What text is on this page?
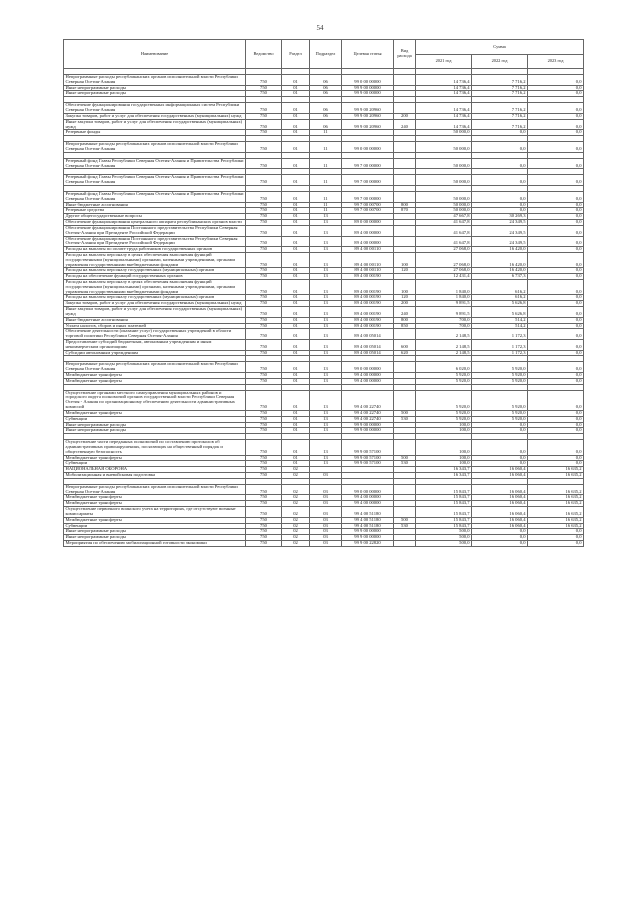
54
Наименование	Ведомство	Раздел	Подраздел	Целевая статья	Вид расхода	Сумма		
						2021 год	2022 год	2023 год

Непрограммные расходы республиканских органов исполнительной власти Республики Северная Осетия-Алания	750	01	06	99 0 00 00000		14 736,4	7 716,2	0,0
Иные непрограммные расходы	750	01	06	99 9 00 00000		14 736,4	7 716,2	0,0
Иные непрограммные расходы	750	01	06	99 9 00 00000		14 736,4	7 716,2	0,0

Обеспечение функционирования государственных информационных систем Республики Северная Осетия-Алания	750	01	06	99 9 00 20960		14 736,4	7 716,2	0,0
Закупка товаров, работ и услуг для обеспечения государственных (муниципальных) нужд	750	01	06	99 9 00 20960	200	14 736,4	7 716,2	0,0
Иные закупки товаров, работ и услуг для обеспечения государственных (муниципальных) нужд	750	01	06	99 9 00 20960	240	14 736,4	7 716,2	0,0
Резервные фонды	750	01	11			50 000,0	0,0	0,0

Непрограммные расходы республиканских органов исполнительной власти Республики Северная Осетия-Алания	750	01	11	99 0 00 00000		50 000,0	0,0	0,0

Резервный фонд Главы Республики Северная Осетия-Алания и Правительства Республики Северная Осетия-Алания	750	01	11	99 7 00 00000		50 000,0	0,0	0,0

Резервный фонд Главы Республики Северная Осетия-Алания и Правительства Республики Северная Осетия-Алания	750	01	11	99 7 00 00000		50 000,0	0,0	0,0

Резервный фонд Главы Республики Северная Осетия-Алания и Правительства Республики Северная Осетия-Алания	750	01	11	99 7 00 00000		50 000,0	0,0	0,0
Иные бюджетные ассигнования	750	01	11	99 7 00 00700	800	50 000,0	0,0	0,0
Резервные средства	750	01	11	99 7 00 00700	870	50 000,0	0,0	0,0
Другие общегосударственные вопросы	750	01	13			47 667,8	30 269,3	0,0
Обеспечение функционирования центрального аппарата республиканских органов власти	750	01	13	89 0 00 00000		41 647,8	24 349,5	0,0
Обеспечение функционирования Постоянного представительства Республики Северная Осетия-Алания при Президенте Российской Федерации	750	01	13	89 4 00 00000		41 647,8	24 349,5	0,0
Обеспечение функционирования Постоянного представительства Республики Северная Осетия-Алания при Президенте Российской Федерации	750	01	13	89 4 00 00000		41 647,8	24 349,5	0,0
Расходы на выплаты по оплате труда работников государственных органов	750	01	13	89 4 00 00110		27 068,0	16 420,0	0,0
Расходы на выплаты персоналу в целях обеспечения выполнения функций государственными (муниципальными) органами, казенными учреждениями, органами управления государственными внебюджетными фондами	750	01	13	89 4 00 00110	100	27 068,0	16 420,0	0,0
Расходы на выплаты персоналу государственных (муниципальных) органов	750	01	13	89 4 00 00110	120	27 068,0	16 420,0	0,0
Расходы на обеспечение функций государственных органов	750	01	13	89 4 00 00190		12 431,4	6 737,3	0,0
Расходы на выплаты персоналу в целях обеспечения выполнения функций государственными (муниципальными) органами, казенными учреждениями, органами управления государственными внебюджетными фондами	750	01	13	89 4 00 00190	100	1 840,0	616,2	0,0
Расходы на выплаты персоналу государственных (муниципальных) органов	750	01	13	89 4 00 00190	120	1 840,0	616,2	0,0
Закупка товаров, работ и услуг для обеспечения государственных (муниципальных) нужд	750	01	13	89 4 00 00190	200	9 891,5	5 626,8	0,0
Иные закупки товаров, работ и услуг для обеспечения государственных (муниципальных) нужд	750	01	13	89 4 00 00190	240	9 891,5	5 626,8	0,0
Иные бюджетные ассигнования	750	01	13	89 4 00 00190	800	700,0	514,2	0,0
Уплата налогов, сборов и иных платежей	750	01	13	89 4 00 00190	850	700,0	514,2	0,0
Обеспечение деятельности (оказание услуг) государственных учреждений в области торговой политики Республики Северная Осетия-Алания	750	01	13	89 4 00 05014		2 148,5	1 172,3	0,0
Предоставление субсидий бюджетным, автономным учреждениям и иным некоммерческим организациям	750	01	13	89 4 00 05014	600	2 148,5	1 172,3	0,0
Субсидии автономным учреждениям	750	01	13	89 4 00 05014	620	2 148,5	1 172,3	0,0

Непрограммные расходы республиканских органов исполнительной власти Республики Северная Осетия-Алания	750	01	13	99 0 00 00000		6 020,0	5 920,0	0,0
Межбюджетные трансферты	750	01	13	99 4 00 00000		5 920,0	5 920,0	0,0
Межбюджетные трансферты	750	01	13	99 4 00 00000		5 920,0	5 920,0	0,0

Осуществление органами местного самоуправления муниципальных районов и городского округа полномочий органов государственной власти Республики Северная Осетия - Алания по организационному обеспечению деятельности административных комиссий	750	01	13	99 4 00 22740		5 920,0	5 920,0	0,0
Межбюджетные трансферты	750	01	13	99 4 00 22740	500	5 920,0	5 920,0	0,0
Субвенции	750	01	13	99 4 00 22740	530	5 920,0	5 920,0	0,0
Иные непрограммные расходы	750	01	13	99 9 00 00000		100,0	0,0	0,0
Иные непрограммные расходы	750	01	13	99 9 00 00000		100,0	0,0	0,0

Осуществление части переданных полномочий по составлению протоколов об административных правонарушениях, посягающих на общественный порядок и общественную безопасность	750	01	13	99 9 00 57100		100,0	0,0	0,0
Межбюджетные трансферты	750	01	13	99 9 00 57100	500	100,0	0,0	0,0
Субвенции	750	01	13	99 9 00 57100	530	100,0	0,0	0,0
НАЦИОНАЛЬНАЯ ОБОРОНА	750	02				16 343,7	16 060,4	16 635,2
Мобилизационная и вневойсковая подготовка	750	02	03			16 343,7	16 060,4	16 635,2

Непрограммные расходы республиканских органов исполнительной власти Республики Северная Осетия-Алания	750	02	03	99 0 00 00000		15 843,7	16 060,4	16 635,2
Межбюджетные трансферты	750	02	03	99 4 00 00000		15 843,7	16 060,4	16 635,2
Межбюджетные трансферты	750	02	03	99 4 00 00000		15 843,7	16 060,4	16 635,2
Осуществление первичного воинского учета на территориях, где отсутствуют военные комиссариаты	750	02	03	99 4 00 51180		15 843,7	16 060,4	16 635,2
Межбюджетные трансферты	750	02	03	99 4 00 51180	500	15 843,7	16 060,4	16 635,2
Субвенции	750	02	03	99 4 00 51180	530	15 843,7	16 060,4	16 635,2
Иные непрограммные расходы	750	02	03	99 9 00 00000		500,0	0,0	0,0
Иные непрограммные расходы	750	02	03	99 9 00 00000		500,0	0,0	0,0
Мероприятия по обеспечению мобилизационной готовности экономики	750	02	03	99 9 00 22820		500,0	0,0	0,0
